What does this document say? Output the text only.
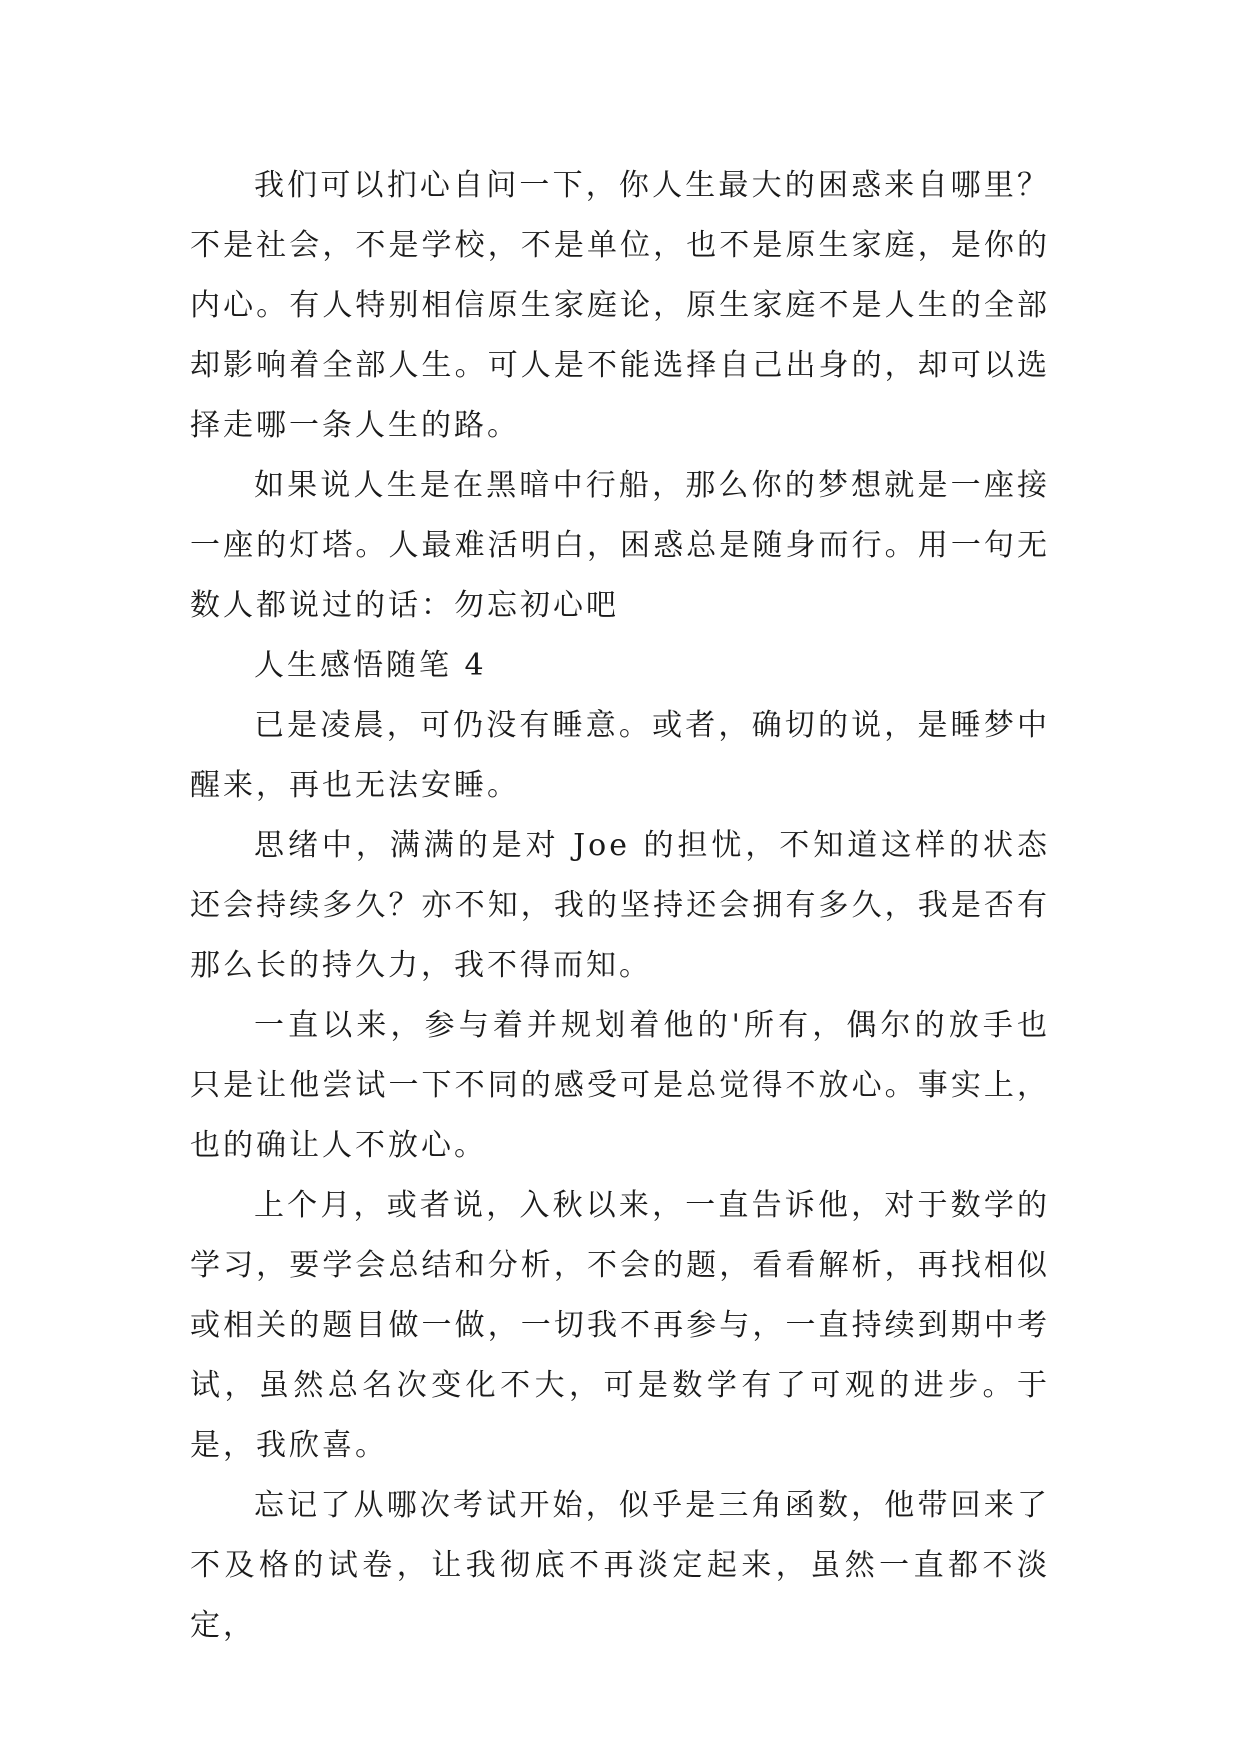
我们可以扪心自问一下，你人生最大的困惑来自哪里？不是社会，不是学校，不是单位，也不是原生家庭，是你的内心。有人特别相信原生家庭论，原生家庭不是人生的全部却影响着全部人生。可人是不能选择自己出身的，却可以选择走哪一条人生的路。

如果说人生是在黑暗中行船，那么你的梦想就是一座接一座的灯塔。人最难活明白，困惑总是随身而行。用一句无数人都说过的话：勿忘初心吧

人生感悟随笔 4

已是凌晨，可仍没有睡意。或者，确切的说，是睡梦中醒来，再也无法安睡。

思绪中，满满的是对 Joe 的担忧，不知道这样的状态还会持续多久？亦不知，我的坚持还会拥有多久，我是否有那么长的持久力，我不得而知。

一直以来，参与着并规划着他的'所有，偶尔的放手也只是让他尝试一下不同的感受可是总觉得不放心。事实上，也的确让人不放心。

上个月，或者说，入秋以来，一直告诉他，对于数学的学习，要学会总结和分析，不会的题，看看解析，再找相似或相关的题目做一做，一切我不再参与，一直持续到期中考试，虽然总名次变化不大，可是数学有了可观的进步。于是，我欣喜。

忘记了从哪次考试开始，似乎是三角函数，他带回来了不及格的试卷，让我彻底不再淡定起来，虽然一直都不淡定，
